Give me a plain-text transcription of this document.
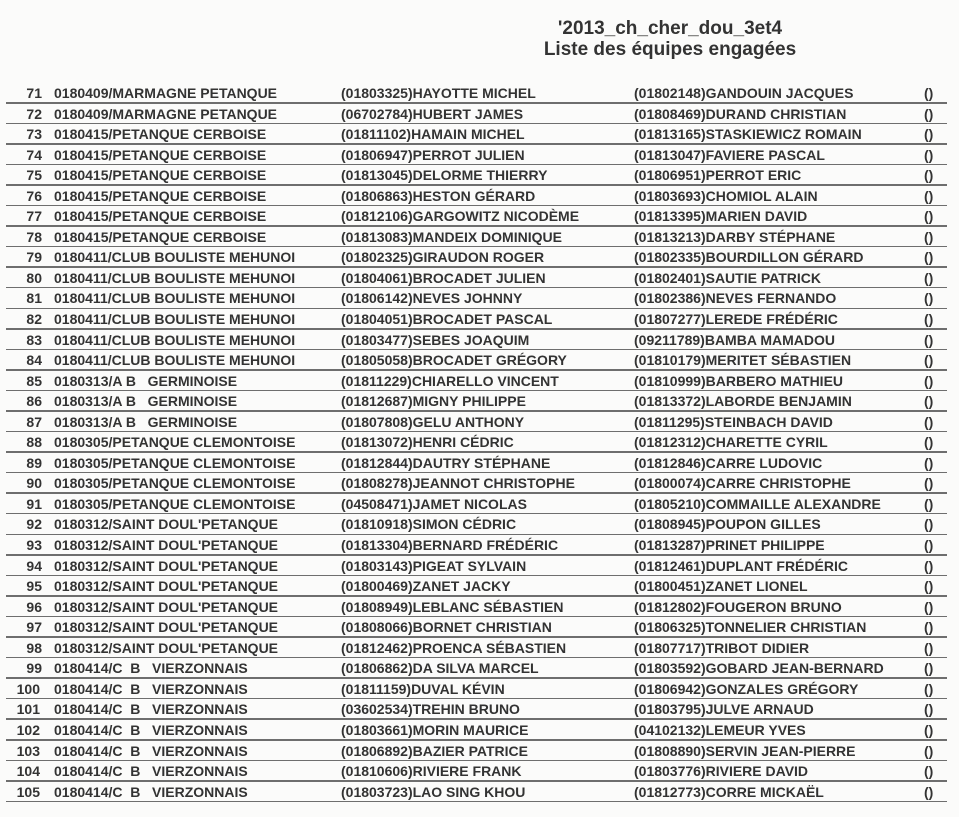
'2013_ch_cher_dou_3et4
Liste des équipes engagées
71 0180409/MARMAGNE PETANQUE	(01803325)HAYOTTE MICHEL	(01802148)GANDOUIN JACQUES	()
72 0180409/MARMAGNE PETANQUE	(06702784)HUBERT JAMES	(01808469)DURAND CHRISTIAN	()
73 0180415/PETANQUE CERBOISE	(01811102)HAMAIN MICHEL	(01813165)STASKIEWICZ ROMAIN	()
74 0180415/PETANQUE CERBOISE	(01806947)PERROT JULIEN	(01813047)FAVIERE PASCAL	()
75 0180415/PETANQUE CERBOISE	(01813045)DELORME THIERRY	(01806951)PERROT ERIC	()
76 0180415/PETANQUE CERBOISE	(01806863)HESTON GÉRARD	(01803693)CHOMIOL ALAIN	()
77 0180415/PETANQUE CERBOISE	(01812106)GARGOWITZ NICODÈME	(01813395)MARIEN DAVID	()
78 0180415/PETANQUE CERBOISE	(01813083)MANDEIX DOMINIQUE	(01813213)DARBY STÉPHANE	()
79 0180411/CLUB BOULISTE MEHUNOI	(01802325)GIRAUDON ROGER	(01802335)BOURDILLON GÉRARD	()
80 0180411/CLUB BOULISTE MEHUNOI	(01804061)BROCADET JULIEN	(01802401)SAUTIE PATRICK	()
81 0180411/CLUB BOULISTE MEHUNOI	(01806142)NEVES JOHNNY	(01802386)NEVES FERNANDO	()
82 0180411/CLUB BOULISTE MEHUNOI	(01804051)BROCADET PASCAL	(01807277)LEREDE FRÉDÉRIC	()
83 0180411/CLUB BOULISTE MEHUNOI	(01803477)SEBES JOAQUIM	(09211789)BAMBA MAMADOU	()
84 0180411/CLUB BOULISTE MEHUNOI	(01805058)BROCADET GRÉGORY	(01810179)MERITET SÉBASTIEN	()
85 0180313/A B   GERMINOISE	(01811229)CHIARELLO VINCENT	(01810999)BARBERO MATHIEU	()
86 0180313/A B   GERMINOISE	(01812687)MIGNY PHILIPPE	(01813372)LABORDE BENJAMIN	()
87 0180313/A B   GERMINOISE	(01807808)GELU ANTHONY	(01811295)STEINBACH DAVID	()
88 0180305/PETANQUE CLEMONTOISE	(01813072)HENRI CÉDRIC	(01812312)CHARETTE CYRIL	()
89 0180305/PETANQUE CLEMONTOISE	(01812844)DAUTRY STÉPHANE	(01812846)CARRE LUDOVIC	()
90 0180305/PETANQUE CLEMONTOISE	(01808278)JEANNOT CHRISTOPHE	(01800074)CARRE CHRISTOPHE	()
91 0180305/PETANQUE CLEMONTOISE	(04508471)JAMET NICOLAS	(01805210)COMMAILLE ALEXANDRE	()
92 0180312/SAINT DOUL'PETANQUE	(01810918)SIMON CÉDRIC	(01808945)POUPON GILLES	()
93 0180312/SAINT DOUL'PETANQUE	(01813304)BERNARD FRÉDÉRIC	(01813287)PRINET PHILIPPE	()
94 0180312/SAINT DOUL'PETANQUE	(01803143)PIGEAT SYLVAIN	(01812461)DUPLANT FRÉDÉRIC	()
95 0180312/SAINT DOUL'PETANQUE	(01800469)ZANET JACKY	(01800451)ZANET LIONEL	()
96 0180312/SAINT DOUL'PETANQUE	(01808949)LEBLANC SÉBASTIEN	(01812802)FOUGERON BRUNO	()
97 0180312/SAINT DOUL'PETANQUE	(01808066)BORNET CHRISTIAN	(01806325)TONNELIER CHRISTIAN	()
98 0180312/SAINT DOUL'PETANQUE	(01812462)PROENCA SÉBASTIEN	(01807717)TRIBOT DIDIER	()
99 0180414/C  B   VIERZONNAIS	(01806862)DA SILVA MARCEL	(01803592)GOBARD JEAN-BERNARD	()
100 0180414/C  B   VIERZONNAIS	(01811159)DUVAL KÉVIN	(01806942)GONZALES GRÉGORY	()
101 0180414/C  B   VIERZONNAIS	(03602534)TREHIN BRUNO	(01803795)JULVE ARNAUD	()
102 0180414/C  B   VIERZONNAIS	(01803661)MORIN MAURICE	(04102132)LEMEUR YVES	()
103 0180414/C  B   VIERZONNAIS	(01806892)BAZIER PATRICE	(01808890)SERVIN JEAN-PIERRE	()
104 0180414/C  B   VIERZONNAIS	(01810606)RIVIERE FRANK	(01803776)RIVIERE DAVID	()
105 0180414/C  B   VIERZONNAIS	(01803723)LAO SING KHOU	(01812773)CORRE MICKAËL	()
